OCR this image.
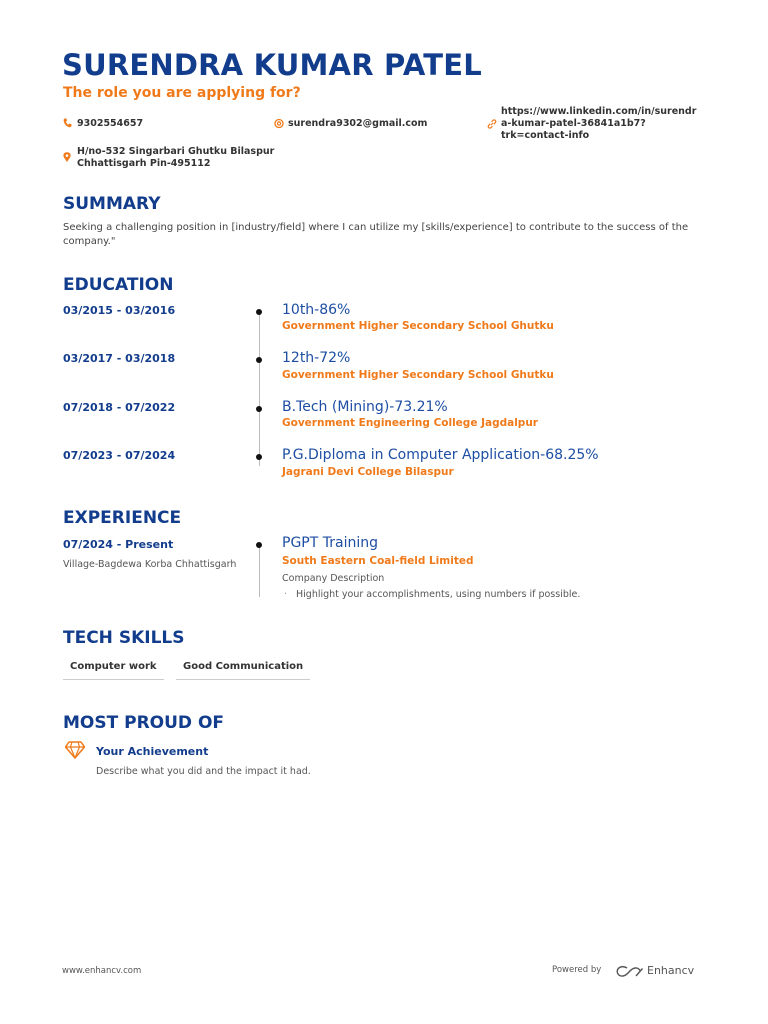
SURENDRA KUMAR PATEL
The role you are applying for?
9302554657	surendra9302@gmail.com
https://www.linkedin.com/in/surendr
a-kumar-patel-36841a1b7?
trk=contact-info
H/no-532 Singarbari Ghutku Bilaspur
Chhattisgarh Pin-495112
SUMMARY
Seeking a challenging position in [industry/field] where I can utilize my [skills/experience] to contribute to the success of the company."
EDUCATION
03/2015 - 03/2016	10th-86%
Government Higher Secondary School Ghutku
03/2017 - 03/2018	12th-72%
Government Higher Secondary School Ghutku
07/2018 - 07/2022	B.Tech (Mining)-73.21%
Government Engineering College Jagdalpur
07/2023 - 07/2024	P.G.Diploma in Computer Application-68.25%
Jagrani Devi College Bilaspur
EXPERIENCE
07/2024 - Present
Village-Bagdewa Korba Chhattisgarh
PGPT Training
South Eastern Coal-field Limited
Company Description
· Highlight your accomplishments, using numbers if possible.
TECH SKILLS
Computer work	Good Communication
MOST PROUD OF
Your Achievement
Describe what you did and the impact it had.
www.enhancv.com	Powered by	Enhancv
